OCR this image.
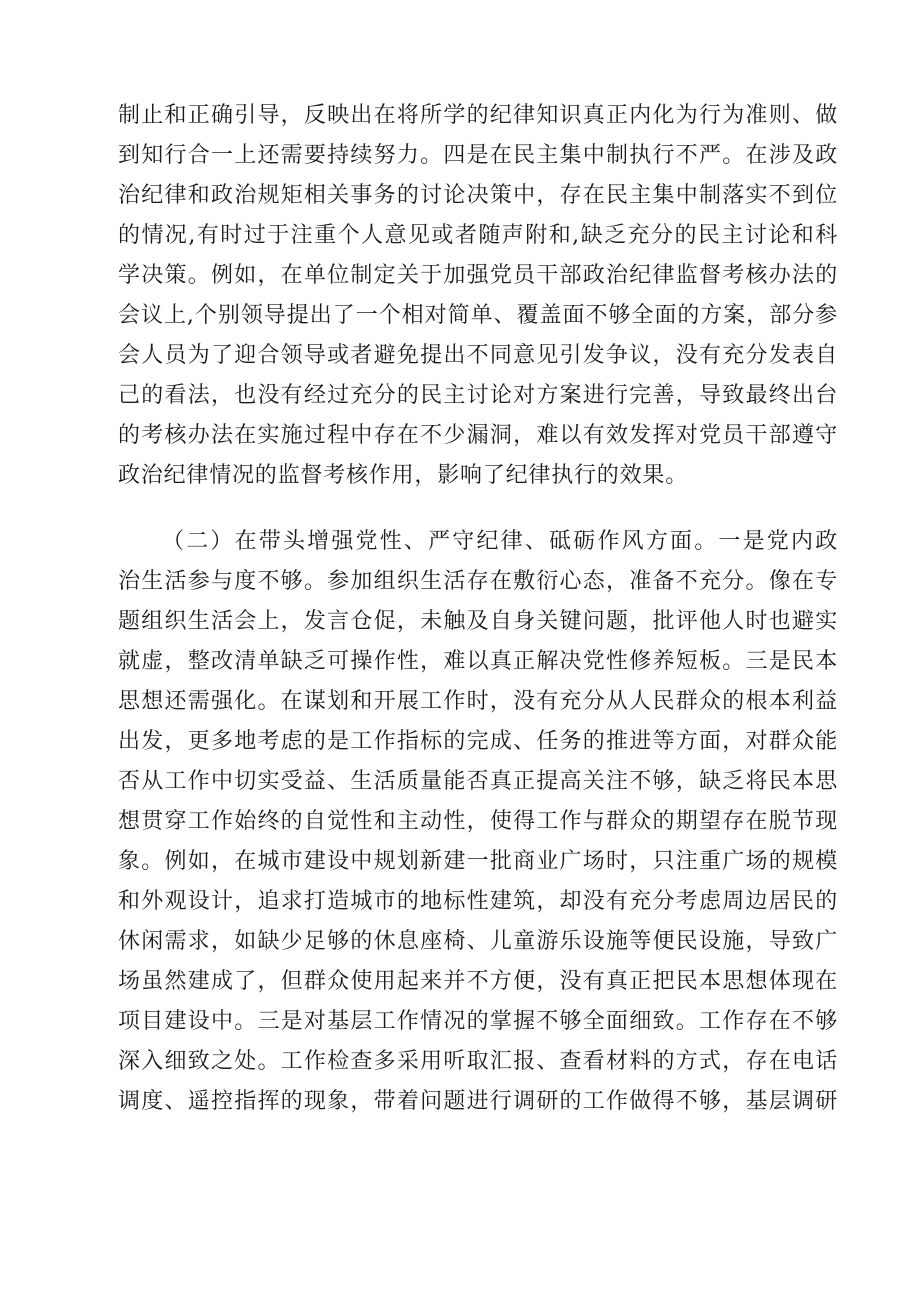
制止和正确引导，反映出在将所学的纪律知识真正内化为行为准则、做
到知行合一上还需要持续努力。四是在民主集中制执行不严。在涉及政
治纪律和政治规矩相关事务的讨论决策中，存在民主集中制落实不到位
的情况,有时过于注重个人意见或者随声附和,缺乏充分的民主讨论和科
学决策。例如，在单位制定关于加强党员干部政治纪律监督考核办法的
会议上,个别领导提出了一个相对简单、覆盖面不够全面的方案，部分参
会人员为了迎合领导或者避免提出不同意见引发争议，没有充分发表自
己的看法，也没有经过充分的民主讨论对方案进行完善，导致最终出台
的考核办法在实施过程中存在不少漏洞，难以有效发挥对党员干部遵守
政治纪律情况的监督考核作用，影响了纪律执行的效果。
（二）在带头增强党性、严守纪律、砥砺作风方面。一是党内政
治生活参与度不够。参加组织生活存在敷衍心态，准备不充分。像在专
题组织生活会上，发言仓促，未触及自身关键问题，批评他人时也避实
就虚，整改清单缺乏可操作性，难以真正解决党性修养短板。三是民本
思想还需强化。在谋划和开展工作时，没有充分从人民群众的根本利益
出发，更多地考虑的是工作指标的完成、任务的推进等方面，对群众能
否从工作中切实受益、生活质量能否真正提高关注不够，缺乏将民本思
想贯穿工作始终的自觉性和主动性，使得工作与群众的期望存在脱节现
象。例如，在城市建设中规划新建一批商业广场时，只注重广场的规模
和外观设计，追求打造城市的地标性建筑，却没有充分考虑周边居民的
休闲需求，如缺少足够的休息座椅、儿童游乐设施等便民设施，导致广
场虽然建成了，但群众使用起来并不方便，没有真正把民本思想体现在
项目建设中。三是对基层工作情况的掌握不够全面细致。工作存在不够
深入细致之处。工作检查多采用听取汇报、查看材料的方式，存在电话
调度、遥控指挥的现象，带着问题进行调研的工作做得不够，基层调研
